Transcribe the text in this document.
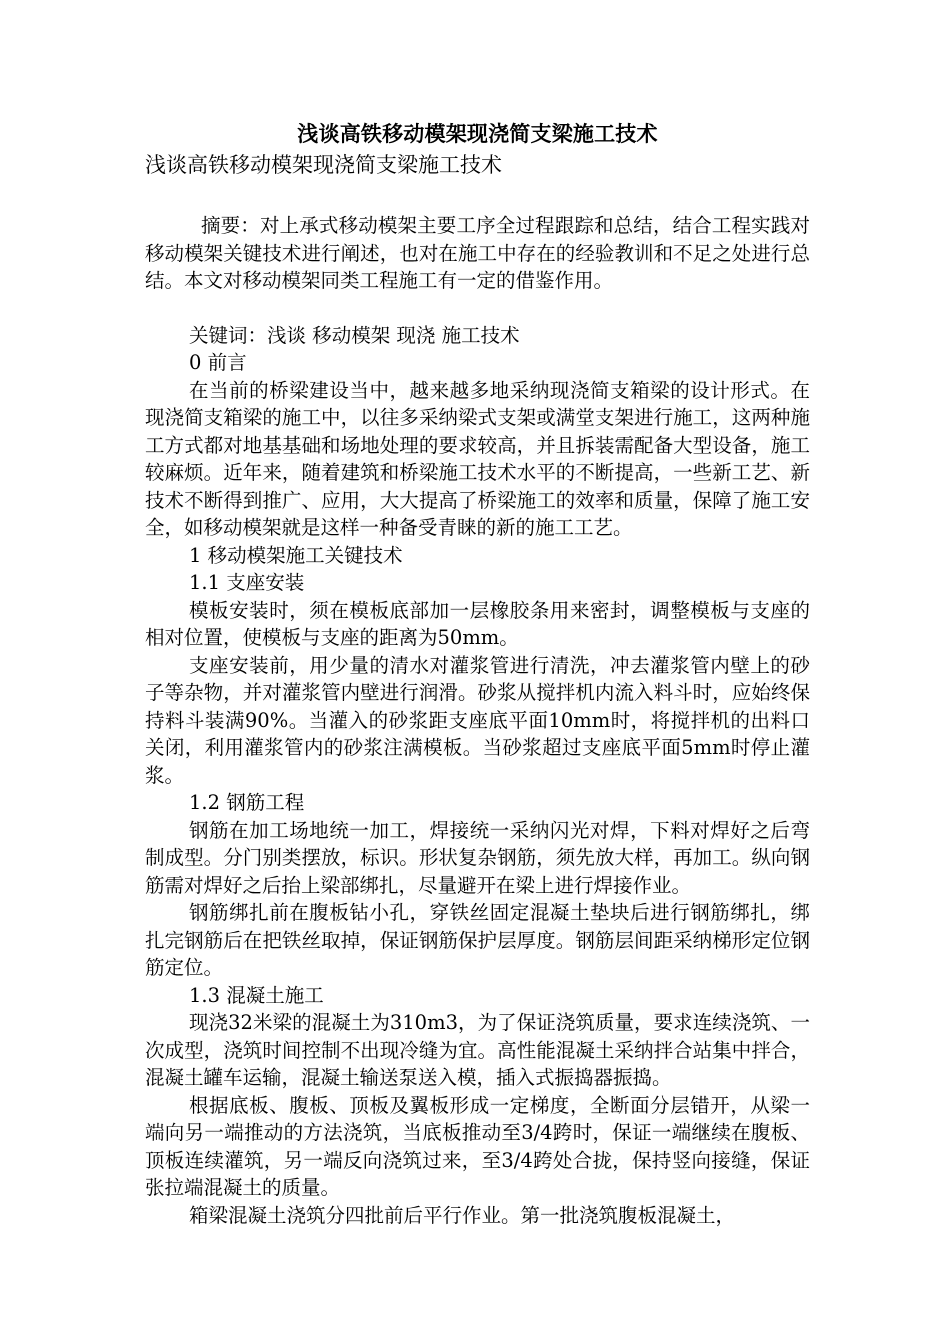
浅谈高铁移动模架现浇简支梁施工技术

浅谈高铁移动模架现浇简支梁施工技术

摘要：对上承式移动模架主要工序全过程跟踪和总结，结合工程实践对移动模架关键技术进行阐述，也对在施工中存在的经验教训和不足之处进行总结。本文对移动模架同类工程施工有一定的借鉴作用。

关键词：浅谈 移动模架 现浇 施工技术

0 前言

在当前的桥梁建设当中，越来越多地采纳现浇简支箱梁的设计形式。在现浇简支箱梁的施工中，以往多采纳梁式支架或满堂支架进行施工，这两种施工方式都对地基基础和场地处理的要求较高，并且拆装需配备大型设备，施工较麻烦。近年来，随着建筑和桥梁施工技术水平的不断提高，一些新工艺、新技术不断得到推广、应用，大大提高了桥梁施工的效率和质量，保障了施工安全，如移动模架就是这样一种备受青睐的新的施工工艺。

1 移动模架施工关键技术

1.1 支座安装

模板安装时，须在模板底部加一层橡胶条用来密封，调整模板与支座的相对位置，使模板与支座的距离为50mm。

支座安装前，用少量的清水对灌浆管进行清洗，冲去灌浆管内壁上的砂子等杂物，并对灌浆管内壁进行润滑。砂浆从搅拌机内流入料斗时，应始终保持料斗装满90%。当灌入的砂浆距支座底平面10mm时，将搅拌机的出料口关闭，利用灌浆管内的砂浆注满模板。当砂浆超过支座底平面5mm时停止灌浆。

1.2 钢筋工程

钢筋在加工场地统一加工，焊接统一采纳闪光对焊，下料对焊好之后弯制成型。分门别类摆放，标识。形状复杂钢筋，须先放大样，再加工。纵向钢筋需对焊好之后抬上梁部绑扎，尽量避开在梁上进行焊接作业。

钢筋绑扎前在腹板钻小孔，穿铁丝固定混凝土垫块后进行钢筋绑扎，绑扎完钢筋后在把铁丝取掉，保证钢筋保护层厚度。钢筋层间距采纳梯形定位钢筋定位。

1.3 混凝土施工

现浇32米梁的混凝土为310m3，为了保证浇筑质量，要求连续浇筑、一次成型，浇筑时间控制不出现冷缝为宜。高性能混凝土采纳拌合站集中拌合，混凝土罐车运输，混凝土输送泵送入模，插入式振捣器振捣。

根据底板、腹板、顶板及翼板形成一定梯度，全断面分层错开，从梁一端向另一端推动的方法浇筑，当底板推动至3/4跨时，保证一端继续在腹板、顶板连续灌筑，另一端反向浇筑过来，至3/4跨处合拢，保持竖向接缝，保证张拉端混凝土的质量。

箱梁混凝土浇筑分四批前后平行作业。第一批浇筑腹板混凝土，
